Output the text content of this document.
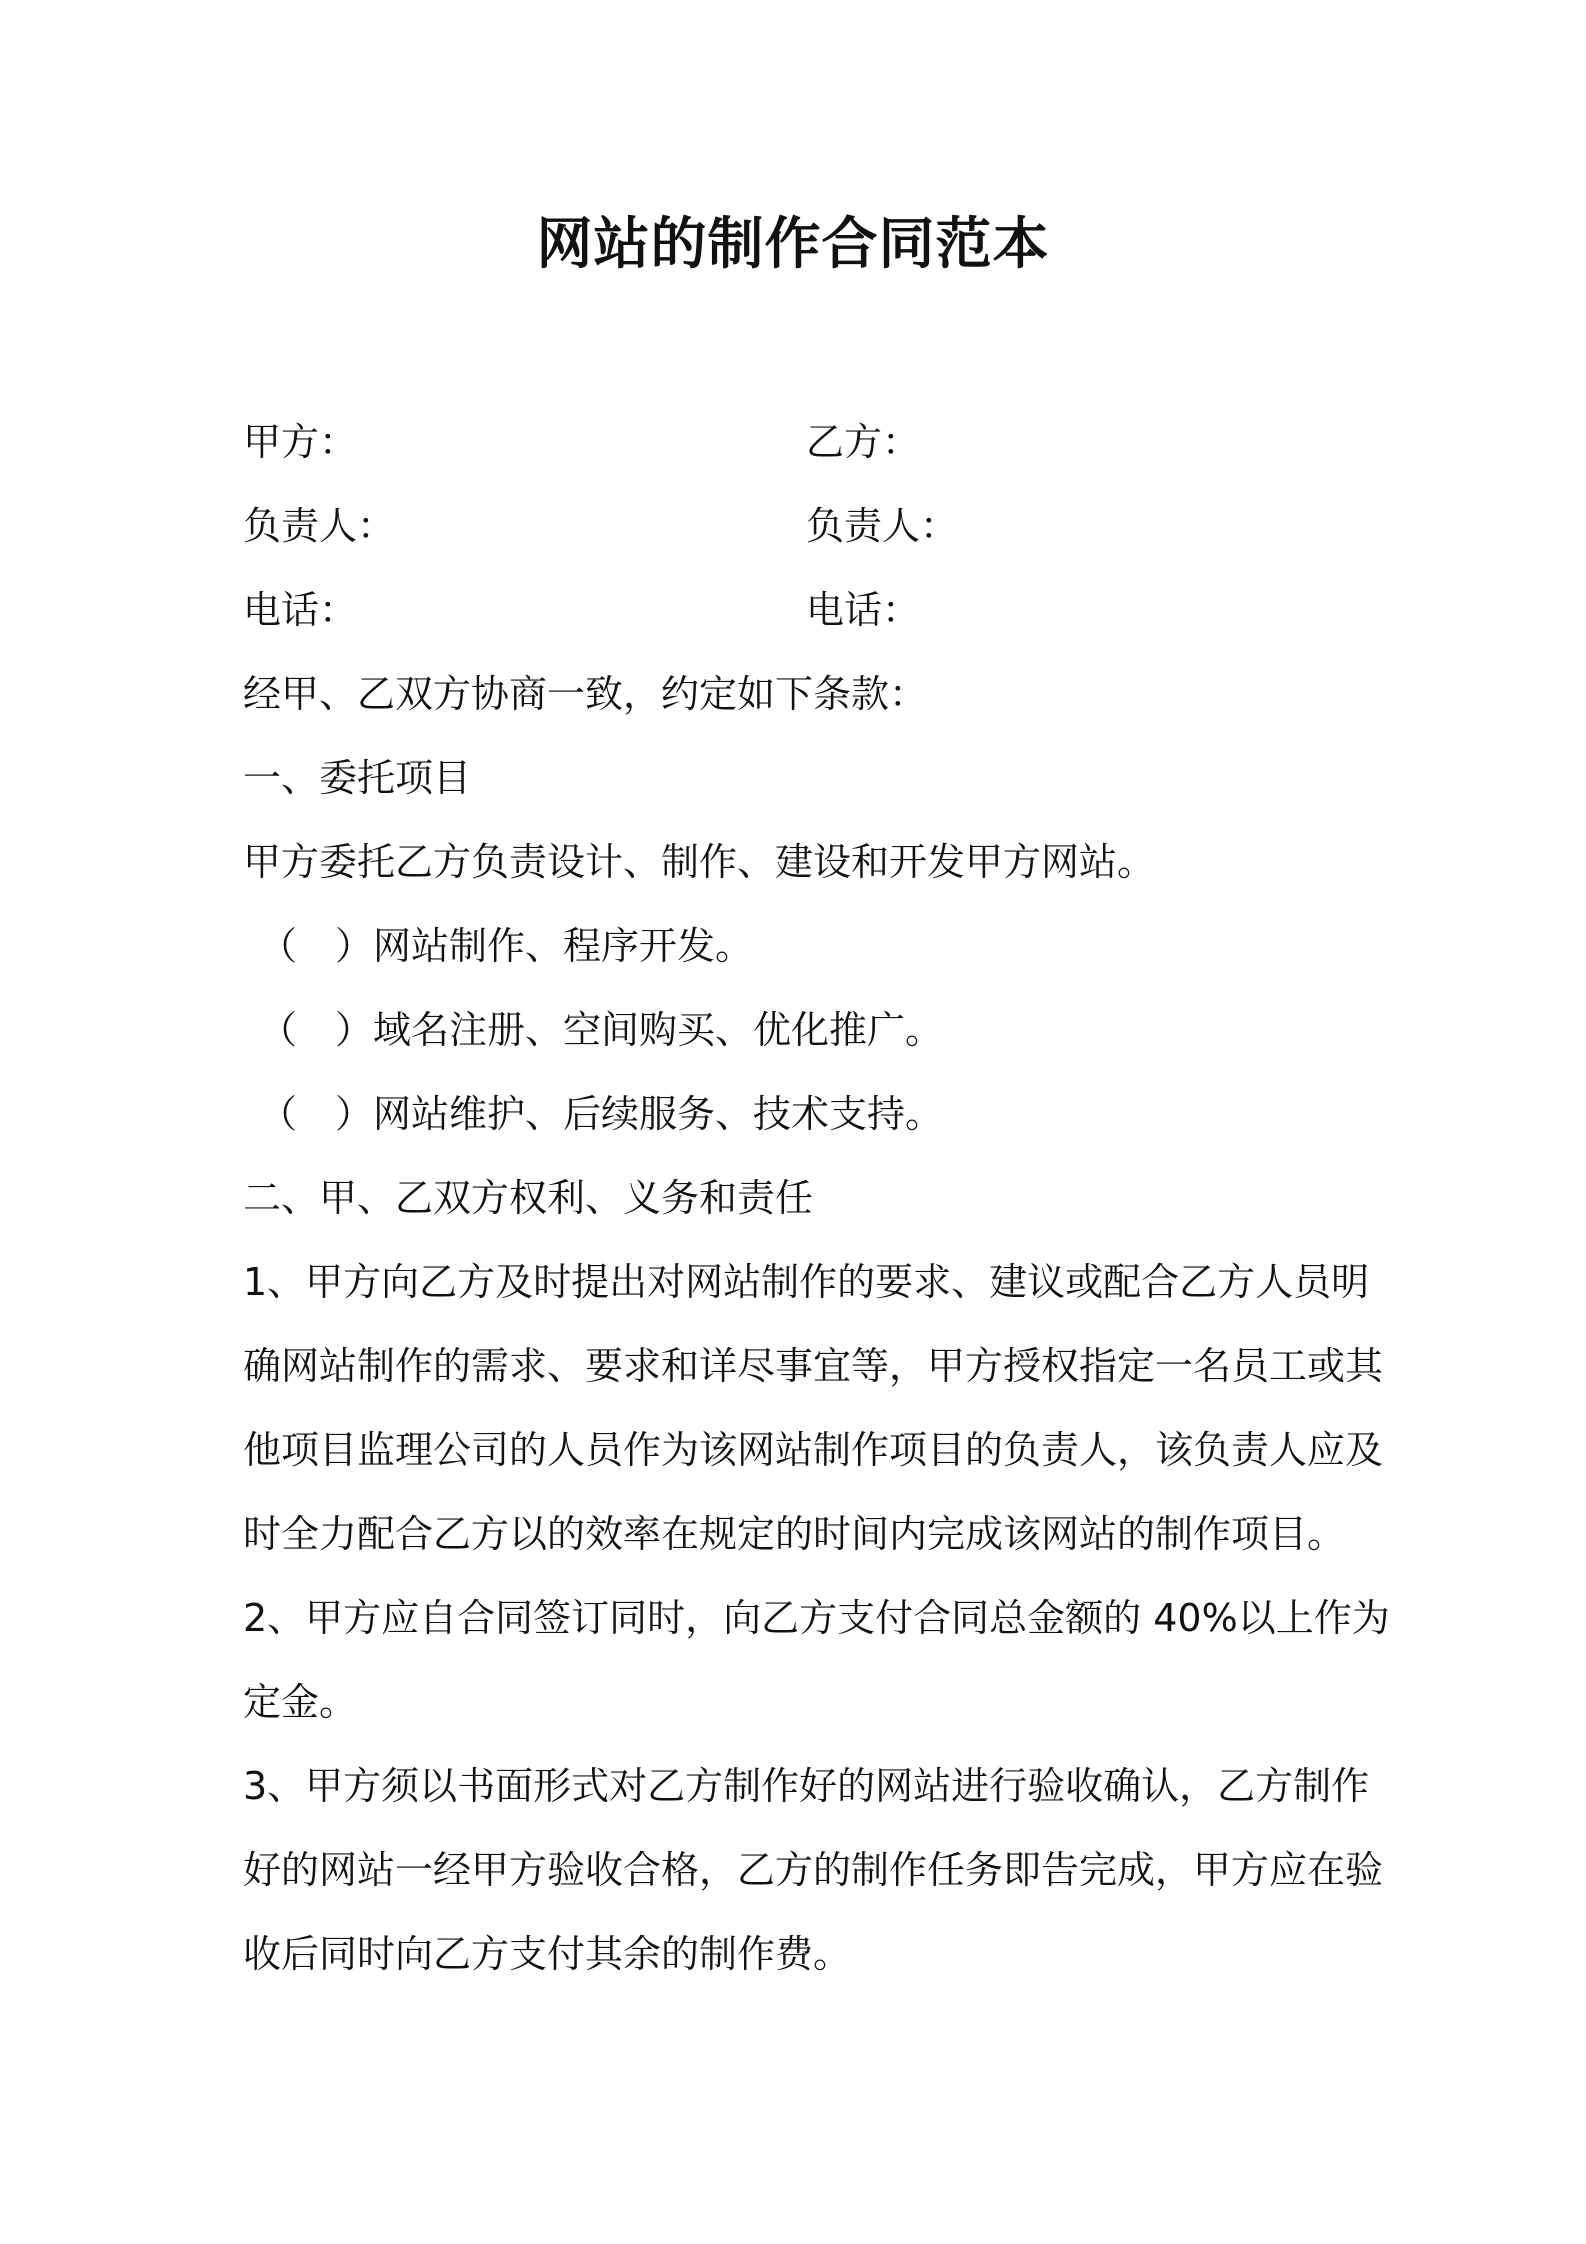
网站的制作合同范本
甲方：	乙方：
负责人：	负责人：
电话：	电话：
经甲、乙双方协商一致，约定如下条款：
一、委托项目
甲方委托乙方负责设计、制作、建设和开发甲方网站。
（　）网站制作、程序开发。
（　）域名注册、空间购买、优化推广。
（　）网站维护、后续服务、技术支持。
二、甲、乙双方权利、义务和责任
1、甲方向乙方及时提出对网站制作的要求、建议或配合乙方人员明
确网站制作的需求、要求和详尽事宜等，甲方授权指定一名员工或其
他项目监理公司的人员作为该网站制作项目的负责人，该负责人应及
时全力配合乙方以的效率在规定的时间内完成该网站的制作项目。
2、甲方应自合同签订同时，向乙方支付合同总金额的 40%以上作为
定金。
3、甲方须以书面形式对乙方制作好的网站进行验收确认，乙方制作
好的网站一经甲方验收合格，乙方的制作任务即告完成，甲方应在验
收后同时向乙方支付其余的制作费。
